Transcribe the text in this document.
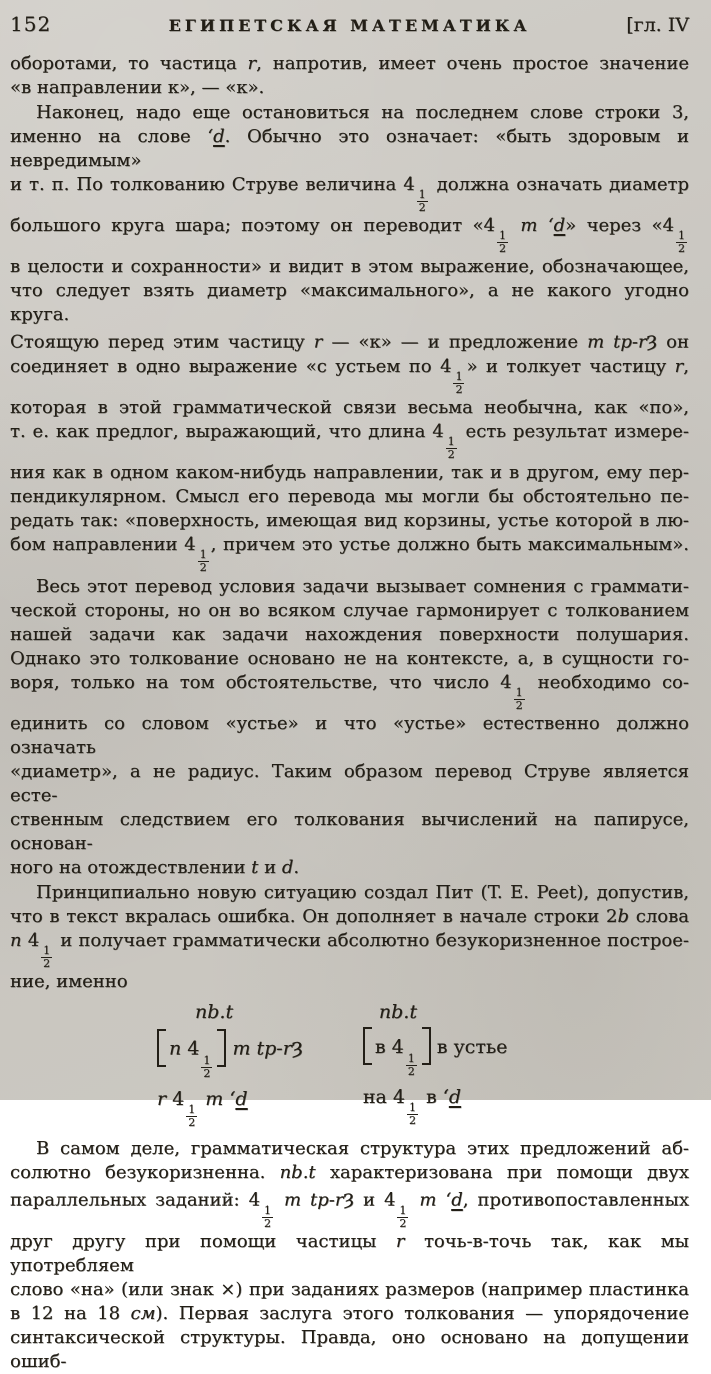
152	ЕГИПЕТСКАЯ МАТЕМАТИКА	[гл. IV
оборотами, то частица r, напротив, имеет очень простое значение
«в направлении к», — «к».
Наконец, надо еще остановиться на последнем слове строки 3,
именно на слове ‘d. Обычно это означает: «быть здоровым и невредимым»
и т. п. По толкованию Струве величина 4
$\frac{1}{2}$
должна означать диаметр
большого круга шара; поэтому он переводит «4
$\frac{1}{2}$
m ‘d» через «4
$\frac{1}{2}$
в целости и сохранности» и видит в этом выражение, обозначающее,
что следует взять диаметр «максимального», а не какого угодно круга.
Стоящую перед этим частицу r — «к» — и предложение m tp-rȝ он
соединяет в одно выражение «с устьем по 4
$\frac{1}{2}$
» и толкует частицу r,
которая в этой грамматической связи весьма необычна, как «по»,
т. е. как предлог, выражающий, что длина 4
$\frac{1}{2}$
есть результат измере-
ния как в одном каком-нибудь направлении, так и в другом, ему пер-
пендикулярном. Смысл его перевода мы могли бы обстоятельно пе-
редать так: «поверхность, имеющая вид корзины, устье которой в лю-
бом направлении 4
$\frac{1}{2}$
, причем это устье должно быть максимальным».
Весь этот перевод условия задачи вызывает сомнения с граммати-
ческой стороны, но он во всяком случае гармонирует с толкованием
нашей задачи как задачи нахождения поверхности полушария.
Однако это толкование основано не на контексте, а, в сущности го-
воря, только на том обстоятельстве, что число 4
$\frac{1}{2}$
необходимо со-
единить со словом «устье» и что «устье» естественно должно означать
«диаметр», а не радиус. Таким образом перевод Струве является есте-
ственным следствием его толкования вычислений на папирусе, основан-
ного на отождествлении t и d.
Принципиально новую ситуацию создал Пит (T. E. Peet), допустив,
что в текст вкралась ошибка. Он дополняет в начале строки 2b слова
n 4
$\frac{1}{2}$
и получает грамматически абсолютно безукоризненное построе-
ние, именно
nb.t
n 4
$\frac{1}{2}$
m tp-rȝ
r 4
$\frac{1}{2}$
m ‘d
nb.t
в 4
$\frac{1}{2}$
в устье
на 4
$\frac{1}{2}$
в ‘d
В самом деле, грамматическая структура этих предложений аб-
солютно безукоризненна. nb.t характеризована при помощи двух
параллельных заданий: 4
$\frac{1}{2}$
m tp-rȝ и 4
$\frac{1}{2}$
m ‘d, противопоставленных
друг другу при помощи частицы r точь-в-точь так, как мы употребляем
слово «на» (или знак ×) при заданиях размеров (например пластинка
в 12 на 18 см). Первая заслуга этого толкования — упорядочение
синтаксической структуры. Правда, оно основано на допущении ошиб-
